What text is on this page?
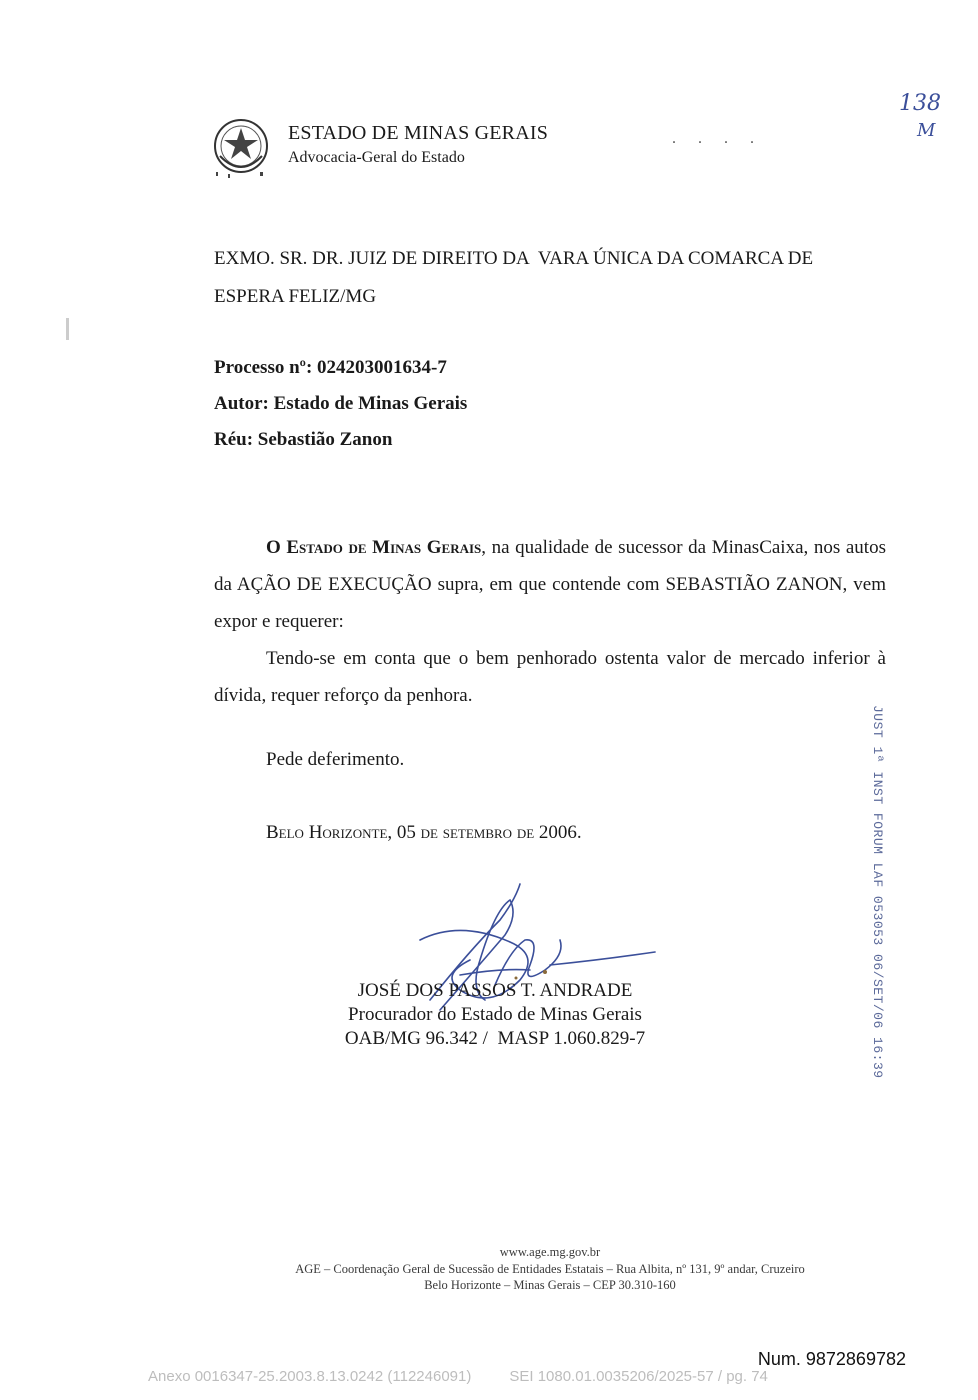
ESTADO DE MINAS GERAIS
Advocacia-Geral do Estado
. . . .
138
M
EXMO. SR. DR. JUIZ DE DIREITO DA  VARA ÚNICA DA COMARCA DE
ESPERA FELIZ/MG
Processo nº: 024203001634-7
Autor: Estado de Minas Gerais
Réu: Sebastião Zanon

O Estado de Minas Gerais, na qualidade de sucessor da MinasCaixa, nos autos da AÇÃO DE EXECUÇÃO supra, em que contende com SEBASTIÃO ZANON, vem expor e requerer:

Tendo-se em conta que o bem penhorado ostenta valor de mercado inferior à dívida, requer reforço da penhora.

Pede deferimento.
Belo Horizonte, 05 de setembro de 2006.
JOSÉ DOS PASSOS T. ANDRADE
Procurador do Estado de Minas Gerais
OAB/MG 96.342 /  MASP 1.060.829-7	JUST 1ª INST FORUM LAF 053053 06/SET/06 16:39
www.age.mg.gov.br
AGE – Coordenação Geral de Sucessão de Entidades Estatais – Rua Albita, nº 131, 9º andar, Cruzeiro
Belo Horizonte – Minas Gerais – CEP 30.310-160
Num. 9872869782
Anexo 0016347-25.2003.8.13.0242 (112246091)	SEI 1080.01.0035206/2025-57 / pg. 74
